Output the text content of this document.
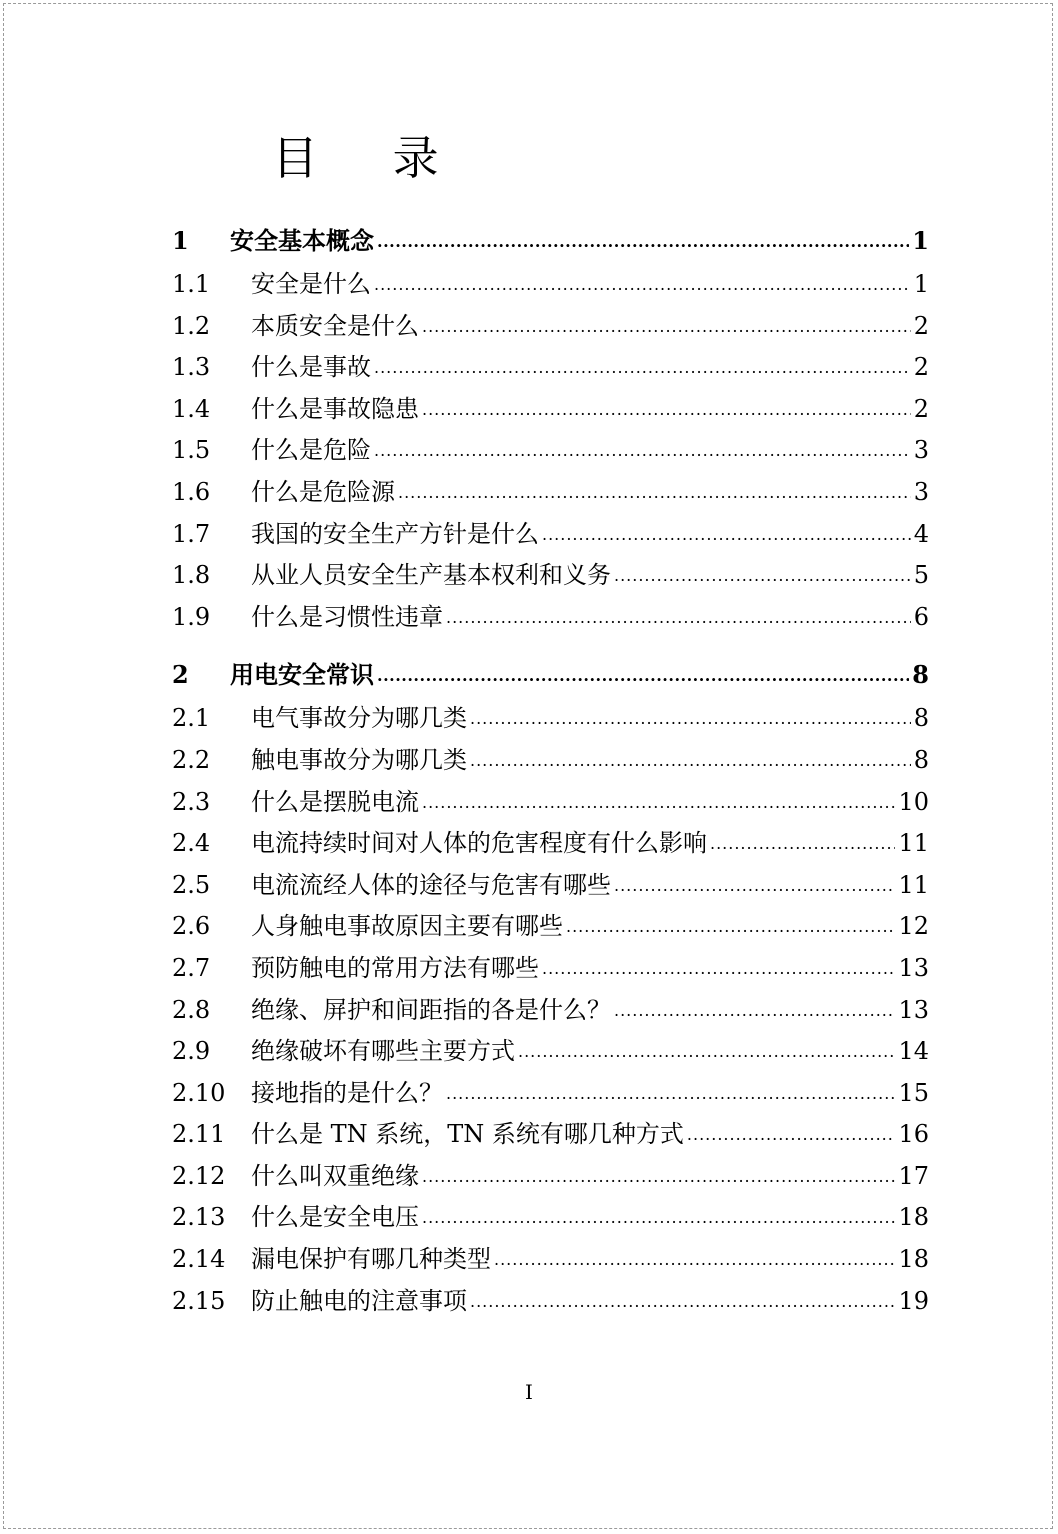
目 录
1	安全基本概念 .....	1
1.1	安全是什么 .....	1
1.2	本质安全是什么 .....	2
1.3	什么是事故 .....	2
1.4	什么是事故隐患 .....	2
1.5	什么是危险 .....	3
1.6	什么是危险源 .....	3
1.7	我国的安全生产方针是什么 .....	4
1.8	从业人员安全生产基本权利和义务 .....	5
1.9	什么是习惯性违章 .....	6
2	用电安全常识 .....	8
2.1	电气事故分为哪几类 .....	8
2.2	触电事故分为哪几类 .....	8
2.3	什么是摆脱电流 .....	10
2.4	电流持续时间对人体的危害程度有什么影响 .....	11
2.5	电流流经人体的途径与危害有哪些 .....	11
2.6	人身触电事故原因主要有哪些 .....	12
2.7	预防触电的常用方法有哪些 .....	13
2.8	绝缘、屏护和间距指的各是什么？ .....	13
2.9	绝缘破坏有哪些主要方式 .....	14
2.10	接地指的是什么？ .....	15
2.11	什么是 TN 系统，TN 系统有哪几种方式 .....	16
2.12	什么叫双重绝缘 .....	17
2.13	什么是安全电压 .....	18
2.14	漏电保护有哪几种类型 .....	18
2.15	防止触电的注意事项 .....	19
I
